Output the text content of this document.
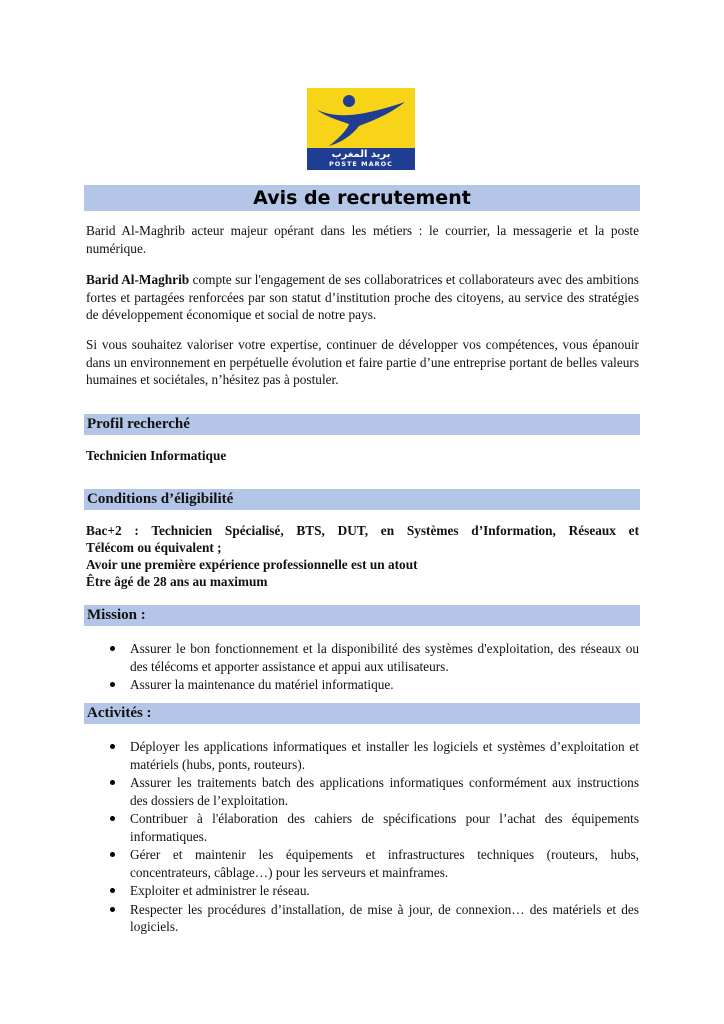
بريد المغرب
POSTE MAROC
Avis de recrutement

Barid Al-Maghrib acteur majeur opérant dans les métiers : le courrier, la messagerie et la poste numérique.

Barid Al-Maghrib compte sur l'engagement de ses collaboratrices et collaborateurs avec des ambitions fortes et partagées renforcées par son statut d’institution proche des citoyens, au service des stratégies de développement économique et social de notre pays.

Si vous souhaitez valoriser votre expertise, continuer de développer vos compétences, vous épanouir dans un environnement en perpétuelle évolution et faire partie d’une entreprise portant de belles valeurs humaines et sociétales, n’hésitez pas à postuler.

Profil recherché
Technicien Informatique
Conditions d’éligibilité
Bac+2 : Technicien Spécialisé, BTS, DUT, en Systèmes d’Information, Réseaux et
Télécom ou équivalent ;
Avoir une première expérience professionnelle est un atout
Être âgé de 28 ans au maximum
Mission :
Assurer le bon fonctionnement et la disponibilité des systèmes d'exploitation, des réseaux ou des télécoms et apporter assistance et appui aux utilisateurs.
Assurer la maintenance du matériel informatique.
Activités :
Déployer les applications informatiques et installer les logiciels et systèmes d’exploitation et matériels (hubs, ponts, routeurs).
Assurer les traitements batch des applications informatiques conformément aux instructions des dossiers de l’exploitation.
Contribuer à l'élaboration des cahiers de spécifications pour l’achat des équipements informatiques.
Gérer et maintenir les équipements et infrastructures techniques (routeurs, hubs, concentrateurs, câblage…) pour les serveurs et mainframes.
Exploiter et administrer le réseau.
Respecter les procédures d’installation, de mise à jour, de connexion… des matériels et des logiciels.
